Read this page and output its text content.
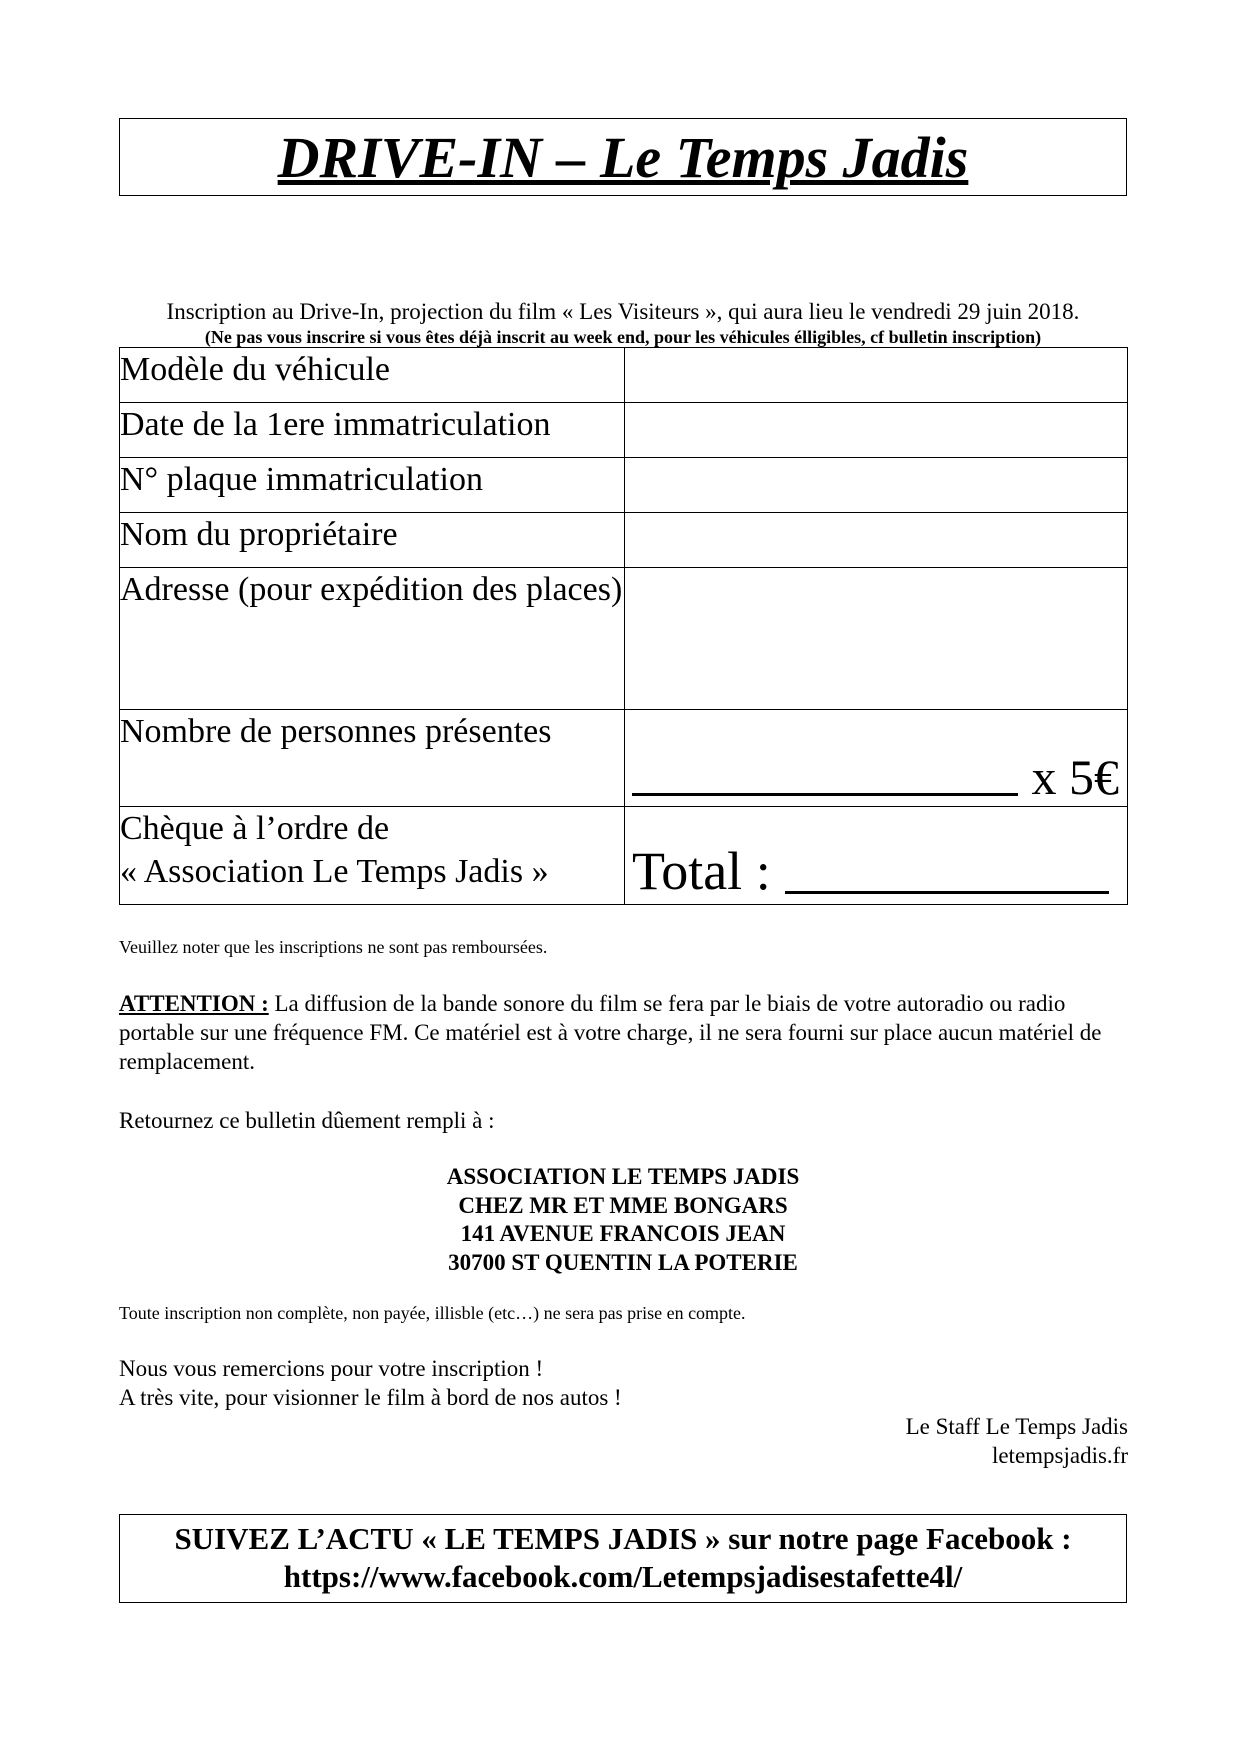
DRIVE-IN – Le Temps Jadis
Inscription au Drive-In, projection du film « Les Visiteurs », qui aura lieu le vendredi 29 juin 2018.
(Ne pas vous inscrire si vous êtes déjà inscrit au week end, pour les véhicules élligibles, cf bulletin inscription)
Modèle du véhicule	
Date de la 1ere immatriculation	
N° plaque immatriculation	
Nom du propriétaire	
Adresse (pour expédition des places)	
Nombre de personnes présentes	x 5€

Chèque à l’ordre de
« Association Le Temps Jadis »	Total :
Veuillez noter que les inscriptions ne sont pas remboursées.
ATTENTION : La diffusion de la bande sonore du film se fera par le biais de votre autoradio ou radio portable sur une fréquence FM. Ce matériel est à votre charge, il ne sera fourni sur place aucun matériel de remplacement.
Retournez ce bulletin dûement rempli à :
ASSOCIATION LE TEMPS JADIS
CHEZ MR ET MME BONGARS
141 AVENUE FRANCOIS JEAN
30700 ST QUENTIN LA POTERIE
Toute inscription non complète, non payée, illisble (etc…) ne sera pas prise en compte.
Nous vous remercions pour votre inscription !
A très vite, pour visionner le film à bord de nos autos !
Le Staff Le Temps Jadis
letempsjadis.fr
SUIVEZ L’ACTU « LE TEMPS JADIS » sur notre page Facebook :
https://www.facebook.com/Letempsjadisestafette4l/
